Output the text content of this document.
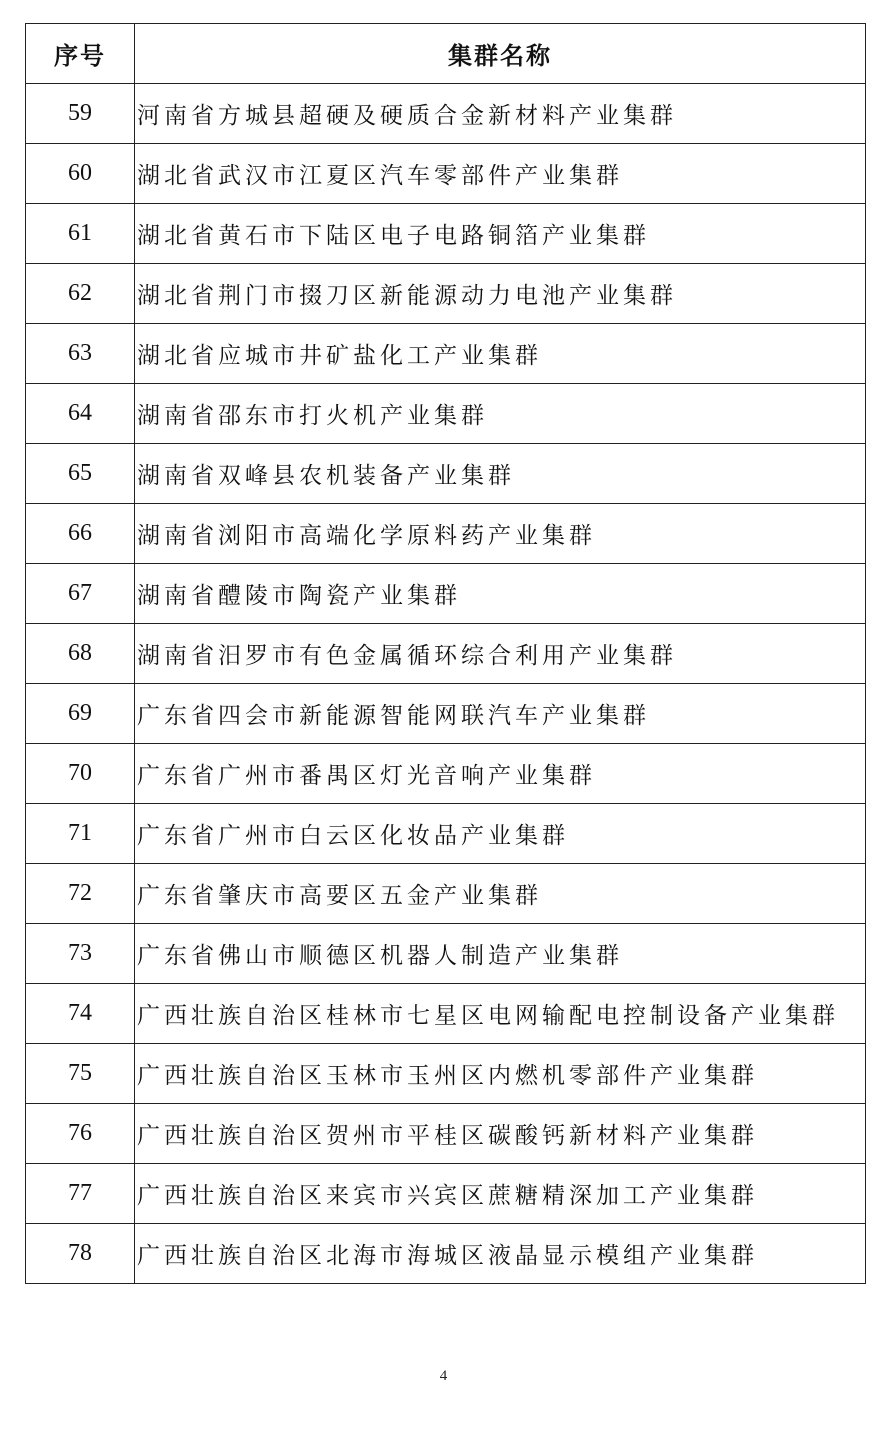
序号	集群名称
59	河南省方城县超硬及硬质合金新材料产业集群
60	湖北省武汉市江夏区汽车零部件产业集群
61	湖北省黄石市下陆区电子电路铜箔产业集群
62	湖北省荆门市掇刀区新能源动力电池产业集群
63	湖北省应城市井矿盐化工产业集群
64	湖南省邵东市打火机产业集群
65	湖南省双峰县农机装备产业集群
66	湖南省浏阳市高端化学原料药产业集群
67	湖南省醴陵市陶瓷产业集群
68	湖南省汨罗市有色金属循环综合利用产业集群
69	广东省四会市新能源智能网联汽车产业集群
70	广东省广州市番禺区灯光音响产业集群
71	广东省广州市白云区化妆品产业集群
72	广东省肇庆市高要区五金产业集群
73	广东省佛山市顺德区机器人制造产业集群
74	广西壮族自治区桂林市七星区电网输配电控制设备产业集群
75	广西壮族自治区玉林市玉州区内燃机零部件产业集群
76	广西壮族自治区贺州市平桂区碳酸钙新材料产业集群
77	广西壮族自治区来宾市兴宾区蔗糖精深加工产业集群
78	广西壮族自治区北海市海城区液晶显示模组产业集群
4
